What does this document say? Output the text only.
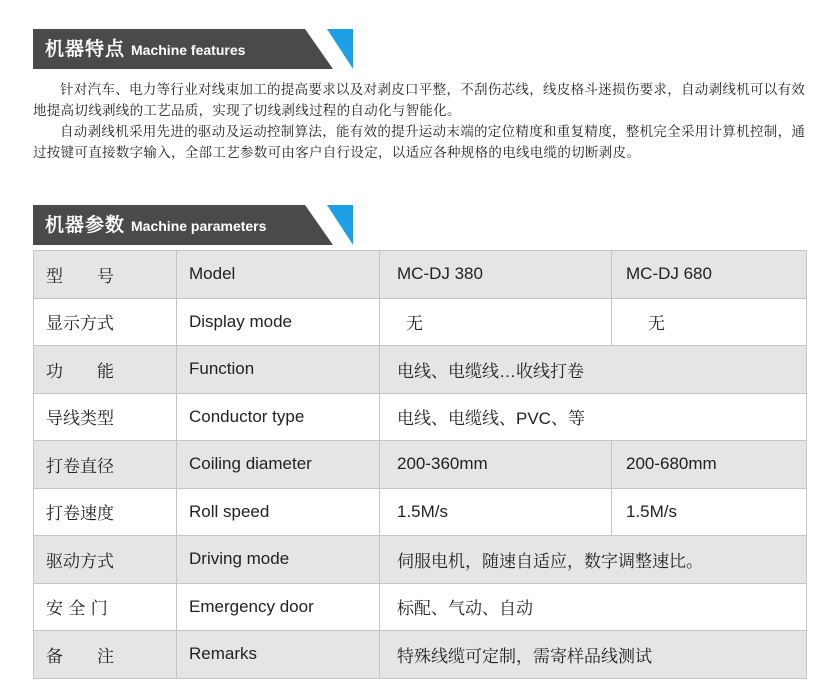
机器特点 Machine features

针对汽车、电力等行业对线束加工的提高要求以及对剥皮口平整，不刮伤芯线，线皮格斗迷损伤要求，自动剥线机可以有效地提高切线剥线的工艺品质，实现了切线剥线过程的自动化与智能化。

自动剥线机采用先进的驱动及运动控制算法，能有效的提升运动末端的定位精度和重复精度，整机完全采用计算机控制，通过按键可直接数字输入，全部工艺参数可由客户自行设定，以适应各种规格的电线电缆的切断剥皮。

机器参数 Machine parameters
型　　号	Model	MC-DJ 380	MC-DJ 680
显示方式	Display mode	无	无
功　　能	Function	电线、电缆线…收线打卷	
导线类型	Conductor type	电线、电缆线、PVC、等	
打卷直径	Coiling diameter	200-360mm	200-680mm
打卷速度	Roll speed	1.5M/s	1.5M/s
驱动方式	Driving mode	伺服电机，随速自适应，数字调整速比。	
安 全 门	Emergency door	标配、气动、自动	
备　　注	Remarks	特殊线缆可定制，需寄样品线测试	
